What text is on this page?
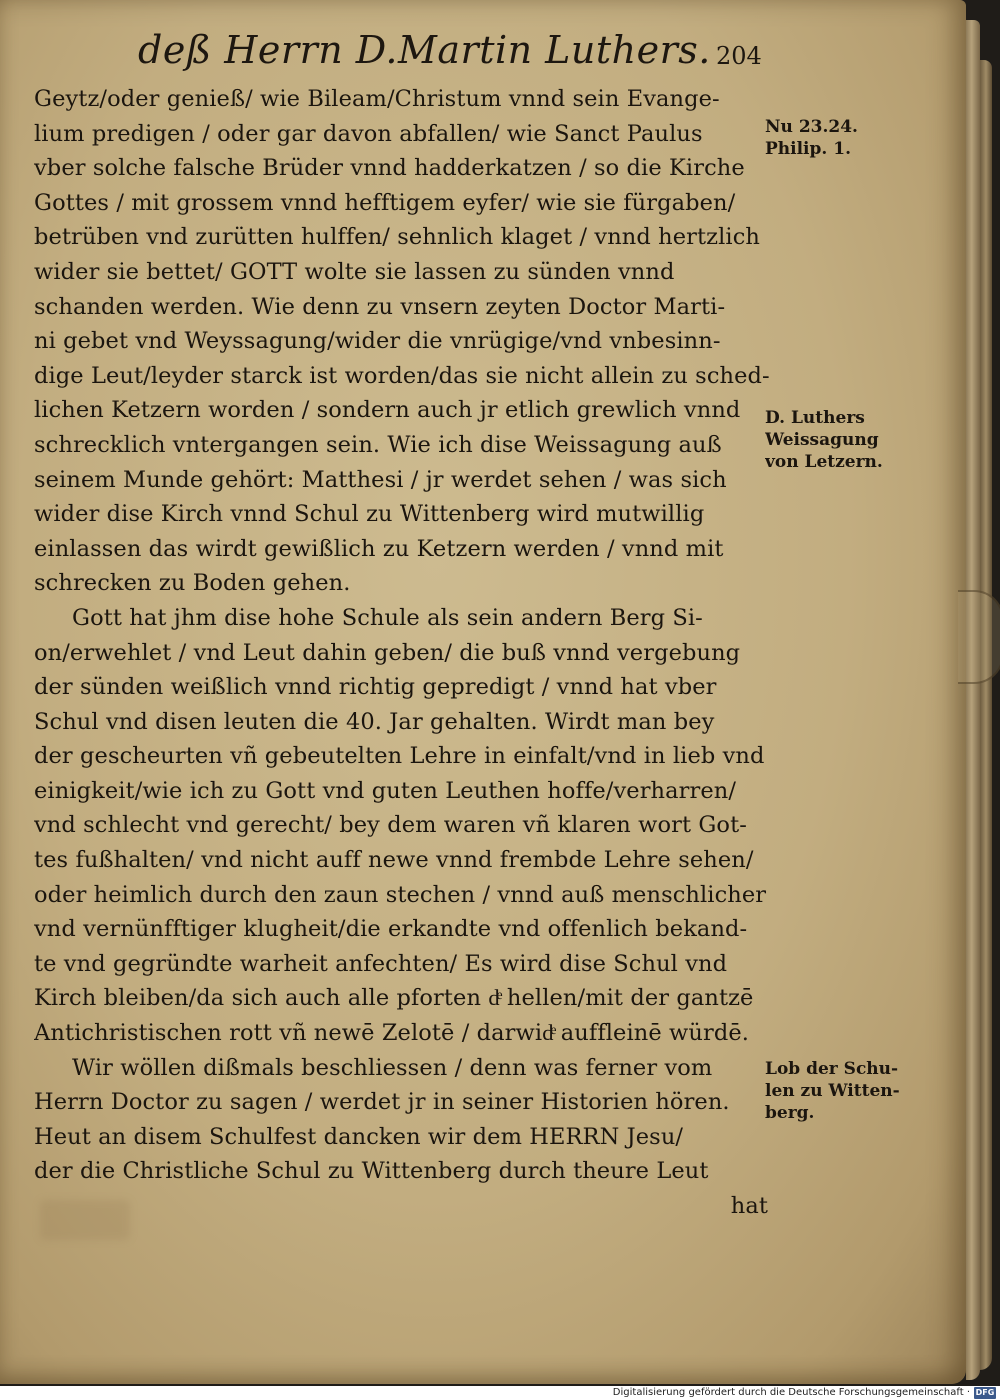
deß Herrn D.Martin Luthers. 204
Geytz/oder genieß/ wie Bileam/Christum vnnd sein Evange-
lium predigen / oder gar davon abfallen/ wie Sanct Paulus
vber solche falsche Brüder vnnd hadderkatzen / so die Kirche
Gottes / mit grossem vnnd hefftigem eyfer/ wie sie fürgaben/
betrüben vnd zurütten hulffen/ sehnlich klaget / vnnd hertzlich
wider sie bettet/ GOTT wolte sie lassen zu sünden vnnd
schanden werden. Wie denn zu vnsern zeyten Doctor Marti-
ni gebet vnd Weyssagung/wider die vnrügige/vnd vnbesinn-
dige Leut/leyder starck ist worden/das sie nicht allein zu sched-
lichen Ketzern worden / sondern auch jr etlich grewlich vnnd
schrecklich vntergangen sein. Wie ich dise Weissagung auß
seinem Munde gehört: Matthesi / jr werdet sehen / was sich
wider dise Kirch vnnd Schul zu Wittenberg wird mutwillig
einlassen das wirdt gewißlich zu Ketzern werden / vnnd mit
schrecken zu Boden gehen.
Gott hat jhm dise hohe Schule als sein andern Berg Si-
on/erwehlet / vnd Leut dahin geben/ die buß vnnd vergebung
der sünden weißlich vnnd richtig gepredigt / vnnd hat vber
Schul vnd disen leuten die 40. Jar gehalten. Wirdt man bey
der gescheurten vñ gebeutelten Lehre in einfalt/vnd in lieb vnd
einigkeit/wie ich zu Gott vnd guten Leuthen hoffe/verharren/
vnd schlecht vnd gerecht/ bey dem waren vñ klaren wort Got-
tes fußhalten/ vnd nicht auff newe vnnd frembde Lehre sehen/
oder heimlich durch den zaun stechen / vnnd auß menschlicher
vnd vernünfftiger klugheit/die erkandte vnd offenlich bekand-
te vnd gegründte warheit anfechten/ Es wird dise Schul vnd
Kirch bleiben/da sich auch alle pforten dͤ hellen/mit der gantzē
Antichristischen rott vñ newē Zelotē / darwidͤ auffleinē würdē.
Wir wöllen dißmals beschliessen / denn was ferner vom
Herrn Doctor zu sagen / werdet jr in seiner Historien hören.
Heut an disem Schulfest dancken wir dem HERRN Jesu/
der die Christliche Schul zu Wittenberg durch theure Leut
hat
Nu 23.24.
Philip. 1.
D. Luthers
Weissagung
von Letzern.
Lob der Schu-
len zu Witten-
berg.
Digitalisierung gefördert durch die Deutsche Forschungsgemeinschaft · DFG
